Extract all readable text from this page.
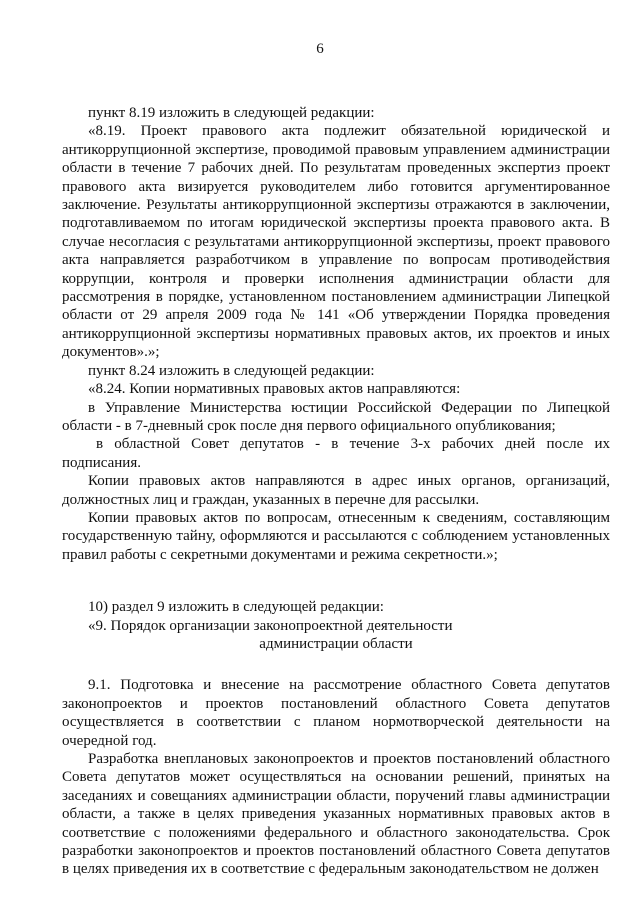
6

пункт 8.19 изложить в следующей редакции:

«8.19. Проект правового акта подлежит обязательной юридической и антикоррупционной экспертизе, проводимой правовым управлением администрации области в течение 7 рабочих дней. По результатам проведенных экспертиз проект правового акта визируется руководителем либо готовится аргументированное заключение. Результаты антикоррупционной экспертизы отражаются в заключении, подготавливаемом по итогам юридической экспертизы проекта правового акта. В случае несогласия с результатами антикоррупционной экспертизы, проект правового акта направляется разработчиком в управление по вопросам противодействия коррупции, контроля и проверки исполнения администрации области для рассмотрения в порядке, установленном постановлением администрации Липецкой области от 29 апреля 2009 года № 141 «Об утверждении Порядка проведения антикоррупционной экспертизы нормативных правовых актов, их проектов и иных документов».»;

пункт 8.24 изложить в следующей редакции:

«8.24. Копии нормативных правовых актов направляются:

в Управление Министерства юстиции Российской Федерации по Липецкой области - в 7-дневный срок после дня первого официального опубликования;

в областной Совет депутатов - в течение 3-х рабочих дней после их подписания.

Копии правовых актов направляются в адрес иных органов, организаций, должностных лиц и граждан, указанных в перечне для рассылки.

Копии правовых актов по вопросам, отнесенным к сведениям, составляющим государственную тайну, оформляются и рассылаются с соблюдением установленных правил работы с секретными документами и режима секретности.»;

10) раздел 9 изложить в следующей редакции:

«9. Порядок организации законопроектной деятельности

администрации области

9.1. Подготовка и внесение на рассмотрение областного Совета депутатов законопроектов и проектов постановлений областного Совета депутатов осуществляется в соответствии с планом нормотворческой деятельности на очередной год.

Разработка внеплановых законопроектов и проектов постановлений областного Совета депутатов может осуществляться на основании решений, принятых на заседаниях и совещаниях администрации области, поручений главы администрации области, а также в целях приведения указанных нормативных правовых актов в соответствие с положениями федерального и областного законодательства. Срок разработки законопроектов и проектов постановлений областного Совета депутатов в целях приведения их в соответствие с федеральным законодательством не должен
